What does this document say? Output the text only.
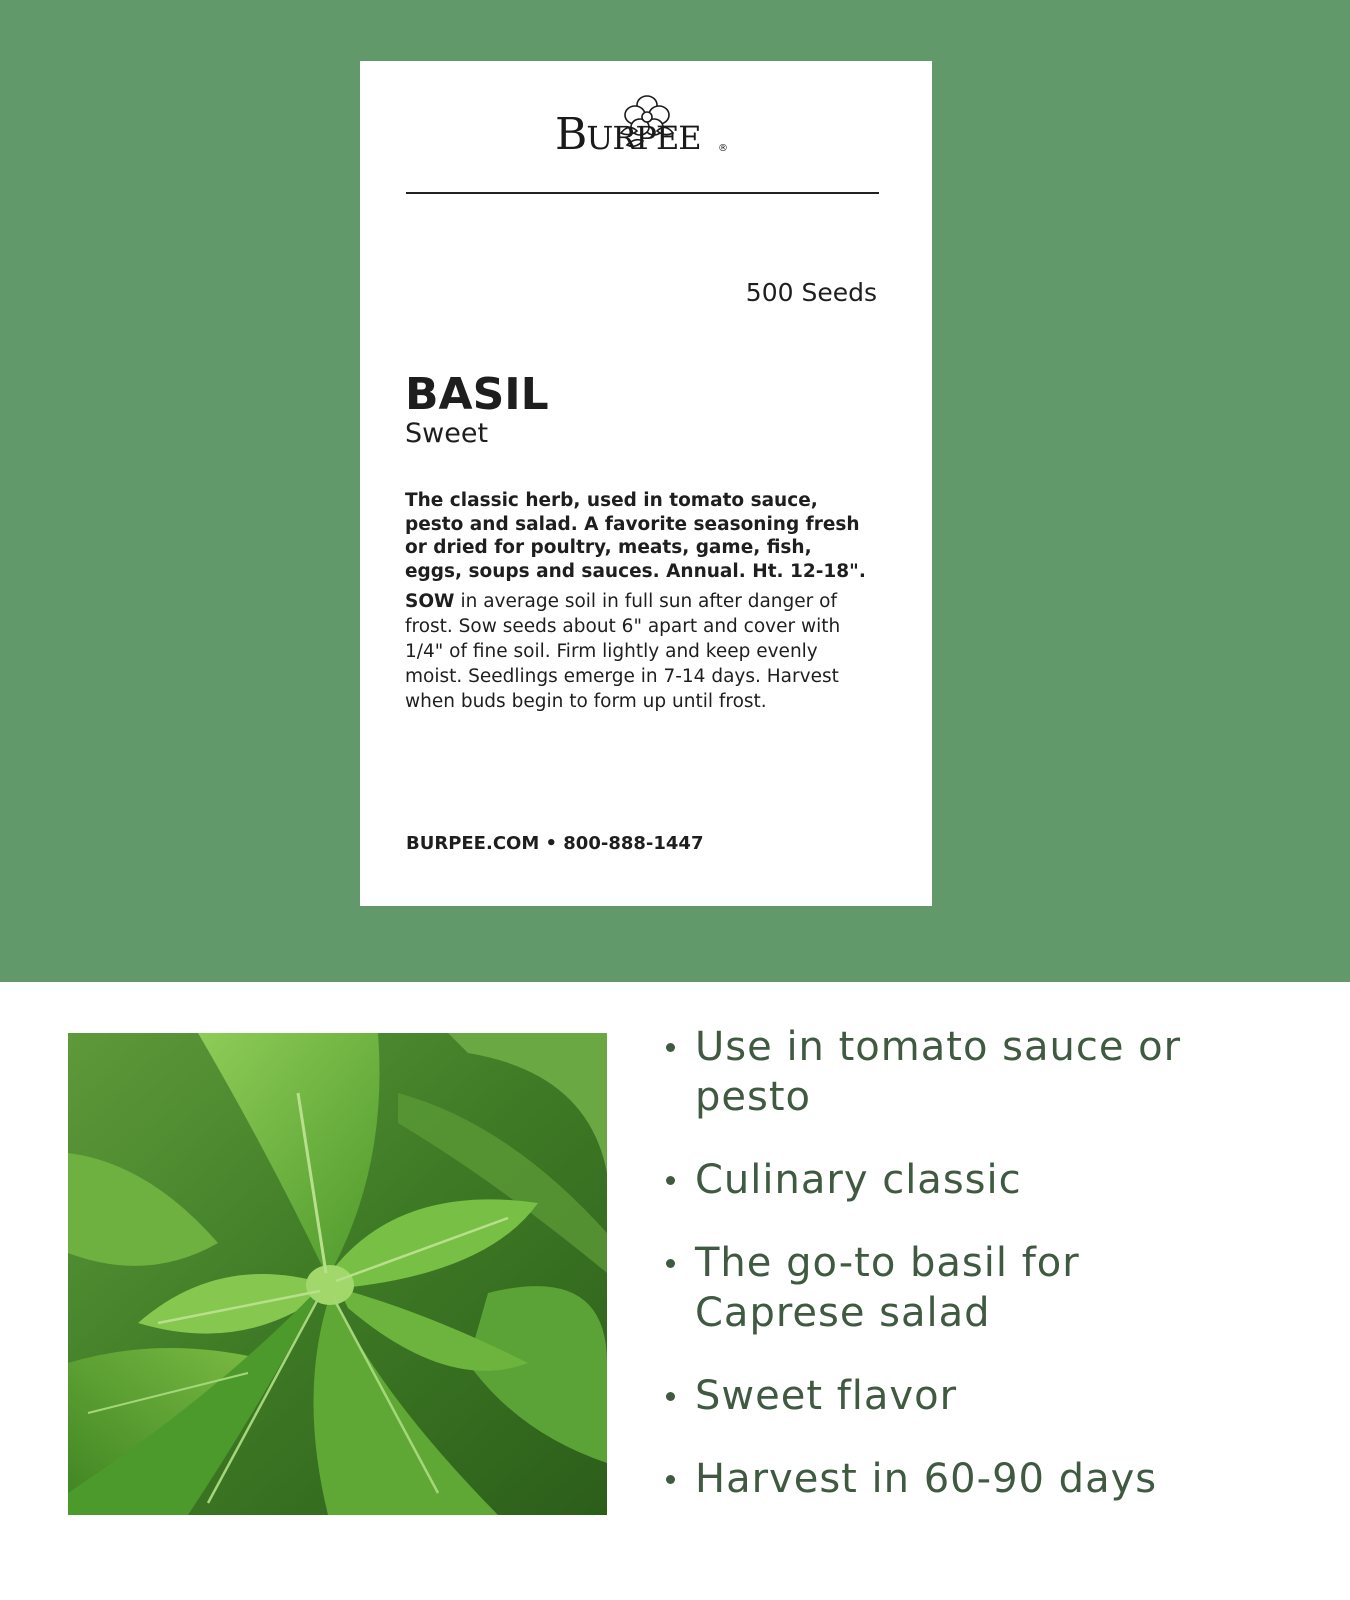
BURPEE ®
500 Seeds
BASIL
Sweet

The classic herb, used in tomato sauce, pesto and salad. A favorite seasoning fresh or dried for poultry, meats, game, fish, eggs, soups and sauces. Annual. Ht. 12-18".

SOW in average soil in full sun after danger of frost. Sow seeds about 6" apart and cover with 1/4" of fine soil. Firm lightly and keep evenly moist. Seedlings emerge in 7-14 days. Harvest when buds begin to form up until frost.

BURPEE.COM • 800-888-1447
Use in tomato sauce or pesto
Culinary classic
The go-to basil for Caprese salad
Sweet flavor
Harvest in 60-90 days
